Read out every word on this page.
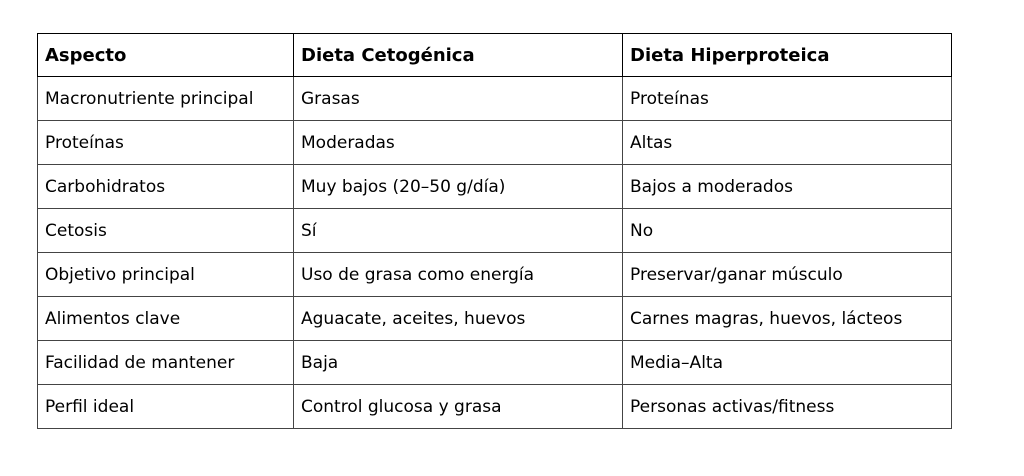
Aspecto	Dieta Cetogénica	Dieta Hiperproteica
Macronutriente principal	Grasas	Proteínas
Proteínas	Moderadas	Altas
Carbohidratos	Muy bajos (20–50 g/día)	Bajos a moderados
Cetosis	Sí	No
Objetivo principal	Uso de grasa como energía	Preservar/ganar músculo
Alimentos clave	Aguacate, aceites, huevos	Carnes magras, huevos, lácteos
Facilidad de mantener	Baja	Media–Alta
Perfil ideal	Control glucosa y grasa	Personas activas/fitness
